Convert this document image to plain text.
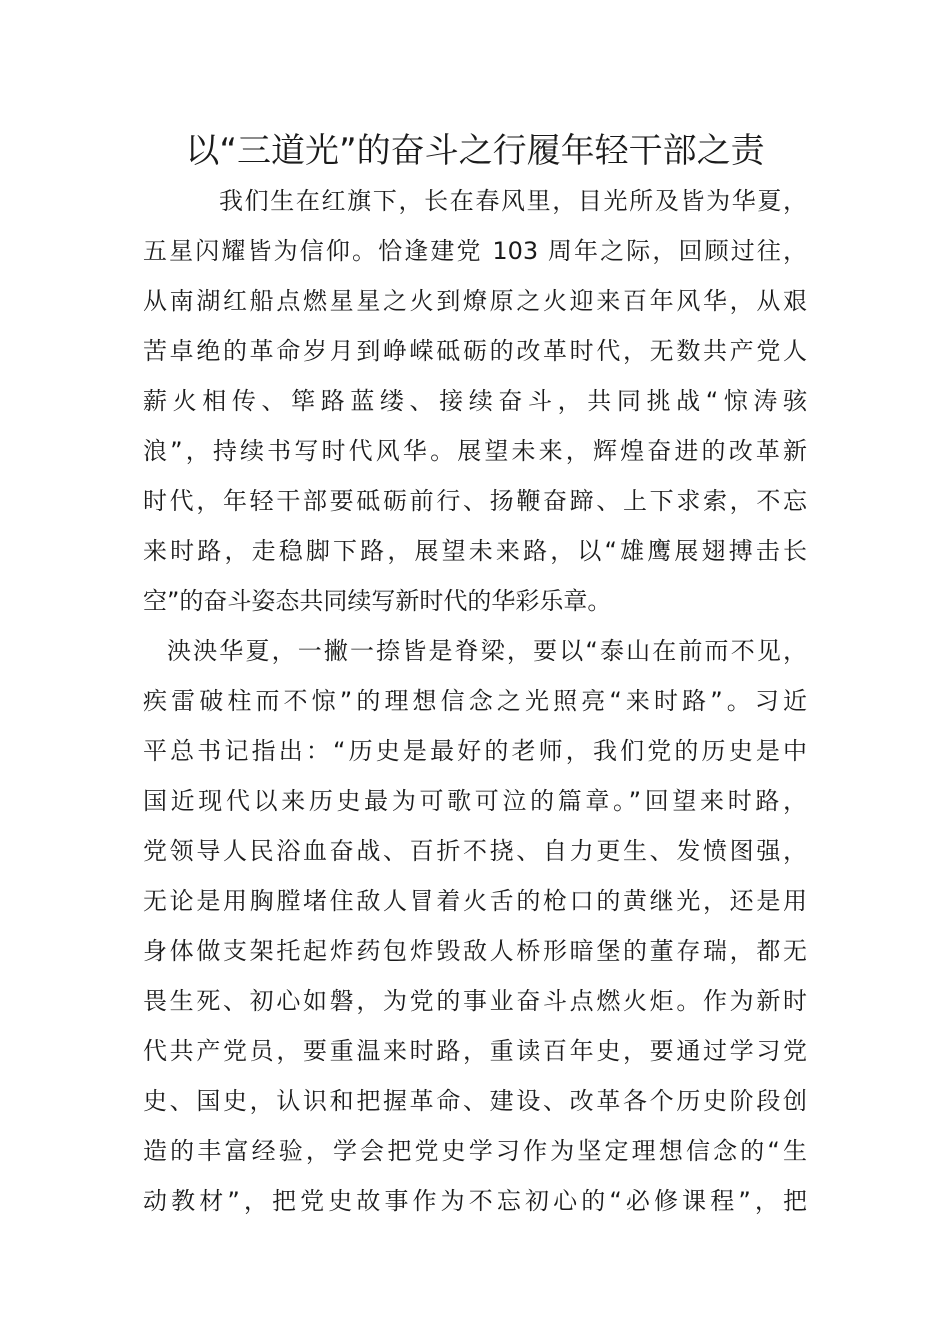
以“三道光”的奋斗之行履年轻干部之责
我们生在红旗下，长在春风里，目光所及皆为华夏，
五星闪耀皆为信仰。恰逢建党 103 周年之际，回顾过往，
从南湖红船点燃星星之火到燎原之火迎来百年风华，从艰
苦卓绝的革命岁月到峥嵘砥砺的改革时代，无数共产党人
薪火相传、筚路蓝缕、接续奋斗，共同挑战“惊涛骇
浪”，持续书写时代风华。展望未来，辉煌奋进的改革新
时代，年轻干部要砥砺前行、扬鞭奋蹄、上下求索，不忘
来时路，走稳脚下路，展望未来路，以“雄鹰展翅搏击长
空”的奋斗姿态共同续写新时代的华彩乐章。
泱泱华夏，一撇一捺皆是脊梁，要以“泰山在前而不见，
疾雷破柱而不惊”的理想信念之光照亮“来时路”。习近
平总书记指出：“历史是最好的老师，我们党的历史是中
国近现代以来历史最为可歌可泣的篇章。”回望来时路，
党领导人民浴血奋战、百折不挠、自力更生、发愤图强，
无论是用胸膛堵住敌人冒着火舌的枪口的黄继光，还是用
身体做支架托起炸药包炸毁敌人桥形暗堡的董存瑞，都无
畏生死、初心如磐，为党的事业奋斗点燃火炬。作为新时
代共产党员，要重温来时路，重读百年史，要通过学习党
史、国史，认识和把握革命、建设、改革各个历史阶段创
造的丰富经验，学会把党史学习作为坚定理想信念的“生
动教材”，把党史故事作为不忘初心的“必修课程”，把
